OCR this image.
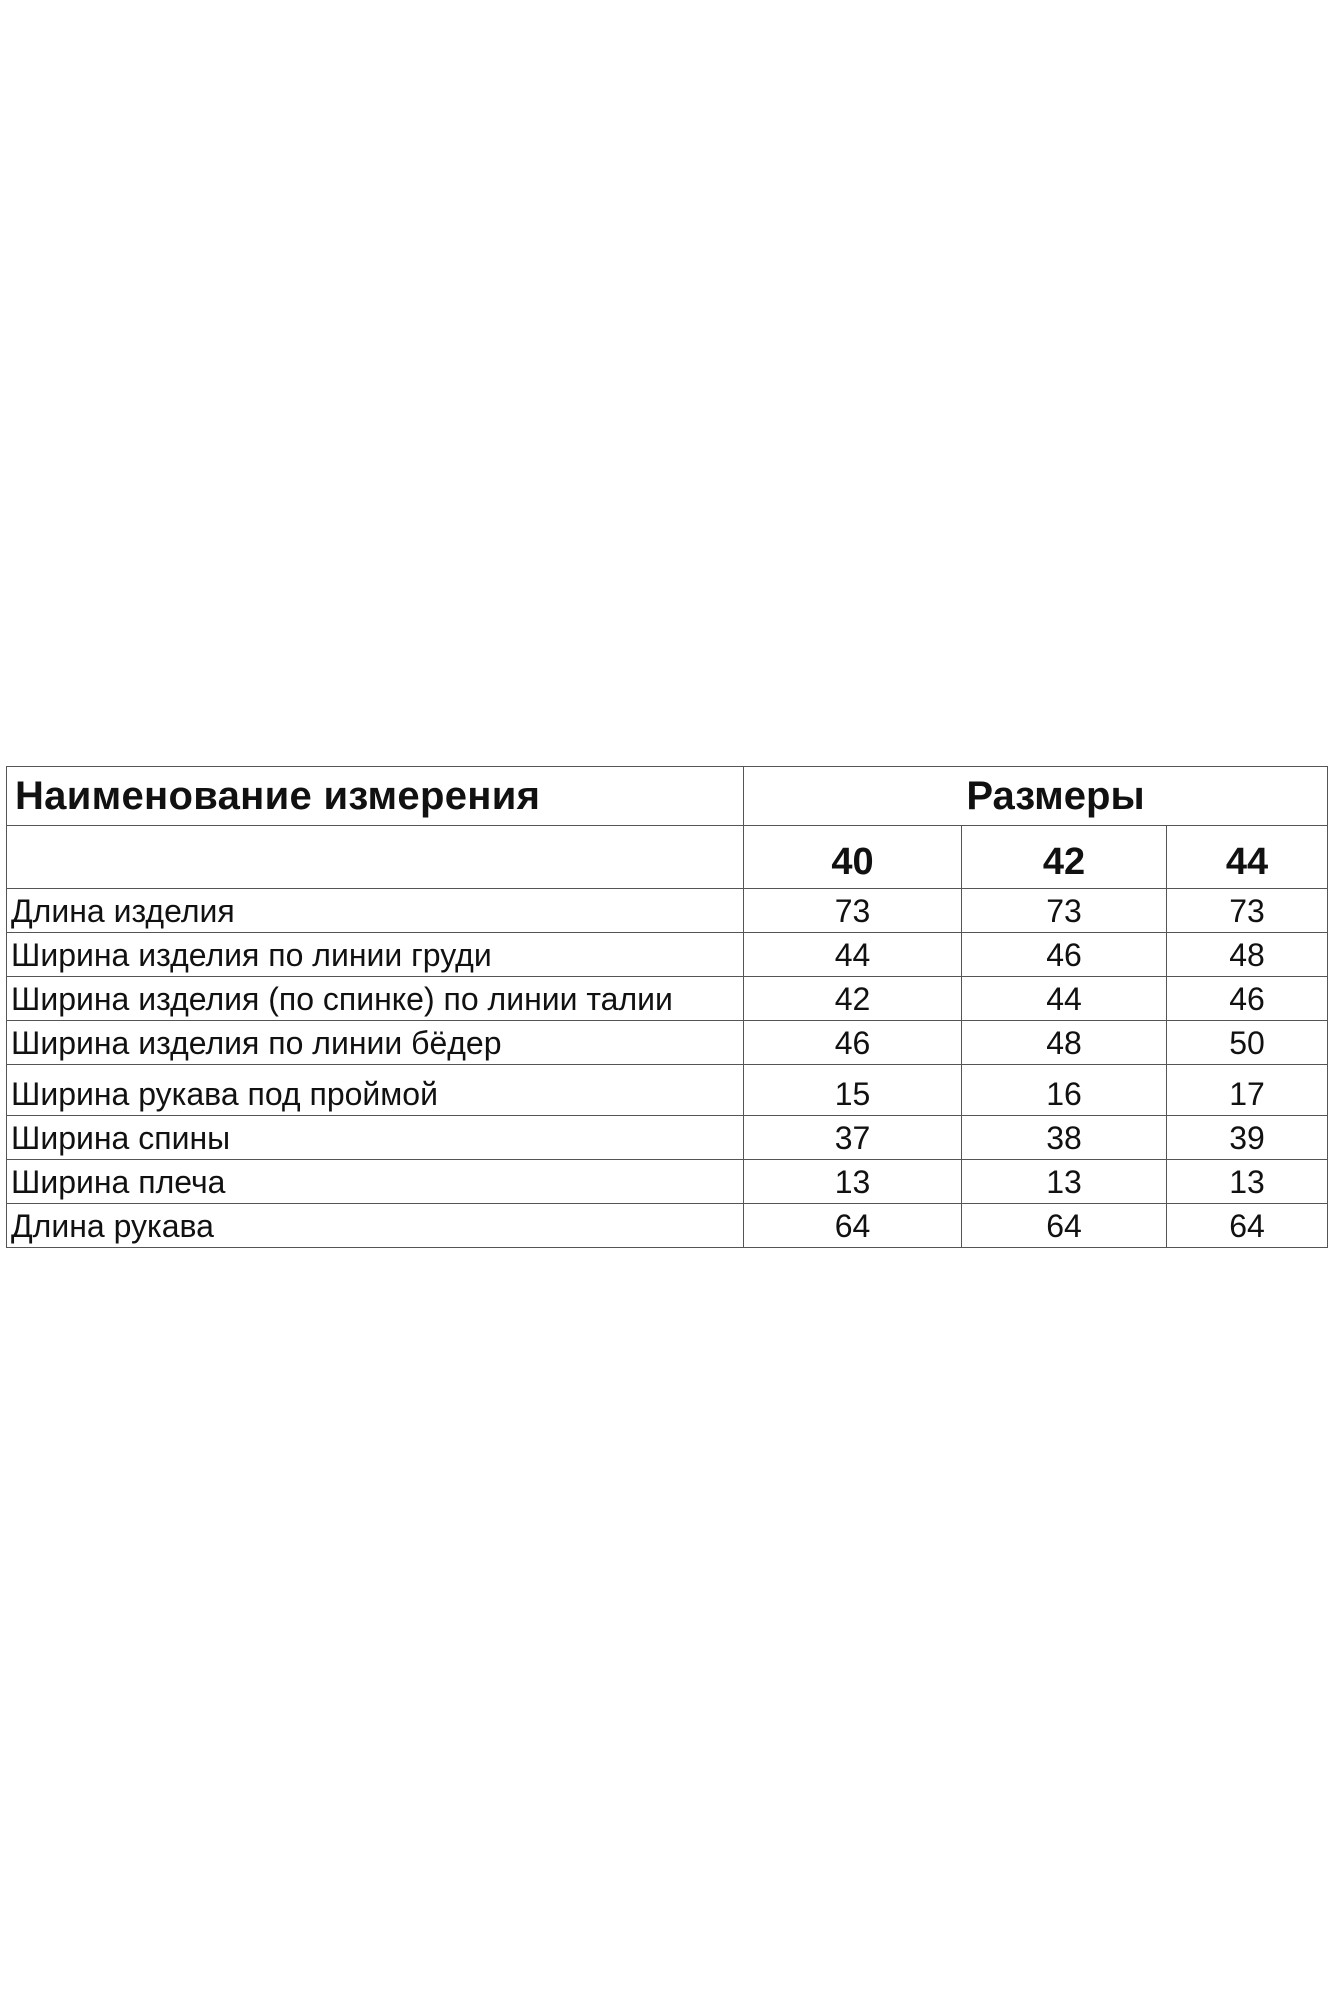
Наименование измерения	Размеры		
	40	42	44
Длина изделия	73	73	73
Ширина изделия по линии груди	44	46	48
Ширина изделия (по спинке) по линии талии	42	44	46
Ширина изделия по линии бёдер	46	48	50
Ширина рукава под проймой	15	16	17
Ширина спины	37	38	39
Ширина плеча	13	13	13
Длина рукава	64	64	64
